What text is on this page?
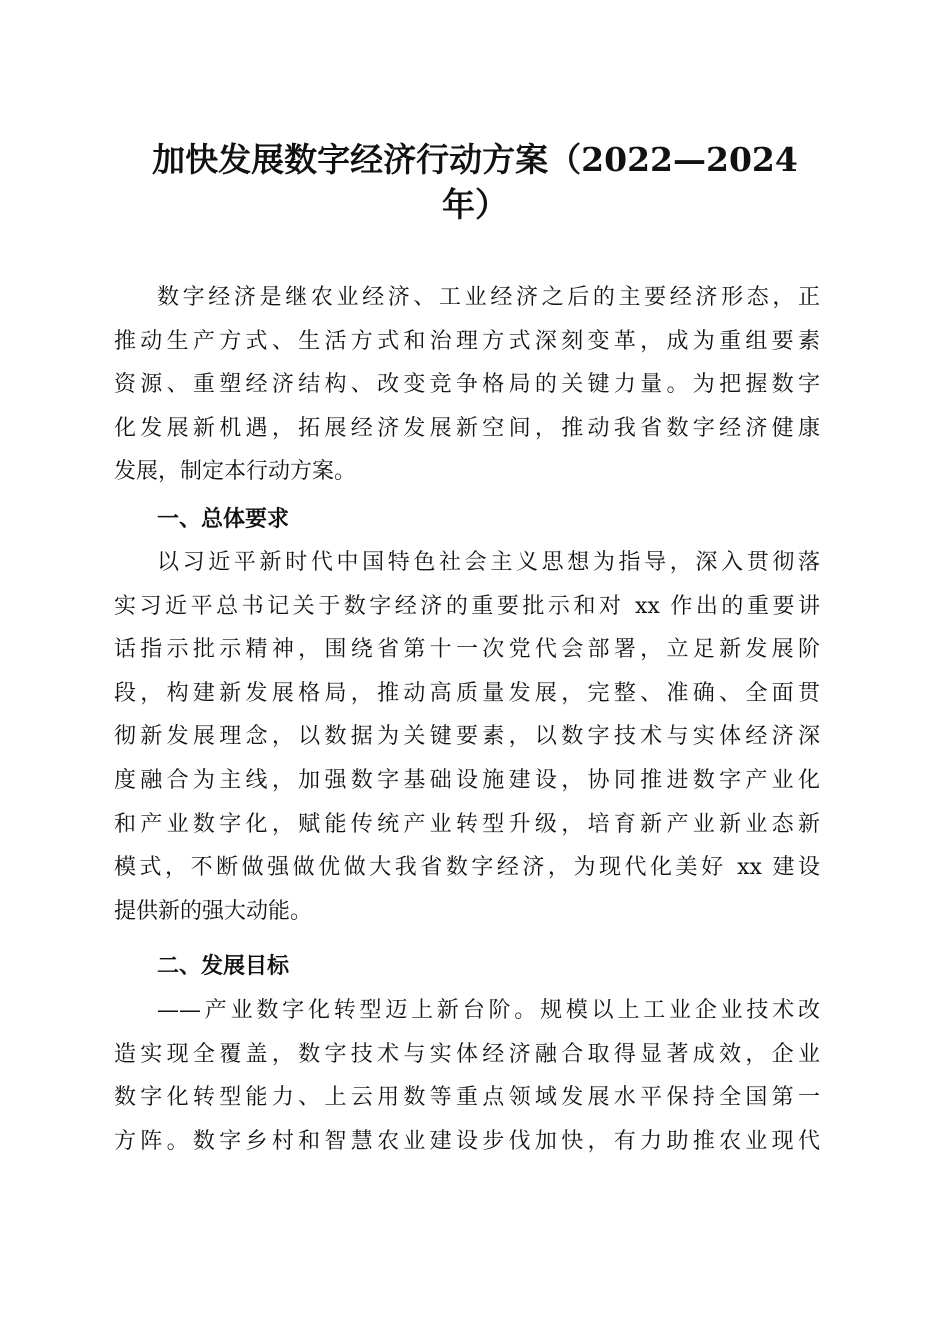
加快发展数字经济行动方案（2022—2024
年）
数字经济是继农业经济、工业经济之后的主要经济形态，正
推动生产方式、生活方式和治理方式深刻变革，成为重组要素
资源、重塑经济结构、改变竞争格局的关键力量。为把握数字
化发展新机遇，拓展经济发展新空间，推动我省数字经济健康
发展，制定本行动方案。
一、总体要求
以习近平新时代中国特色社会主义思想为指导，深入贯彻落
实习近平总书记关于数字经济的重要批示和对 xx 作出的重要讲
话指示批示精神，围绕省第十一次党代会部署，立足新发展阶
段，构建新发展格局，推动高质量发展，完整、准确、全面贯
彻新发展理念，以数据为关键要素，以数字技术与实体经济深
度融合为主线，加强数字基础设施建设，协同推进数字产业化
和产业数字化，赋能传统产业转型升级，培育新产业新业态新
模式，不断做强做优做大我省数字经济，为现代化美好 xx 建设
提供新的强大动能。
二、发展目标
——产业数字化转型迈上新台阶。规模以上工业企业技术改
造实现全覆盖，数字技术与实体经济融合取得显著成效，企业
数字化转型能力、上云用数等重点领域发展水平保持全国第一
方阵。数字乡村和智慧农业建设步伐加快，有力助推农业现代
